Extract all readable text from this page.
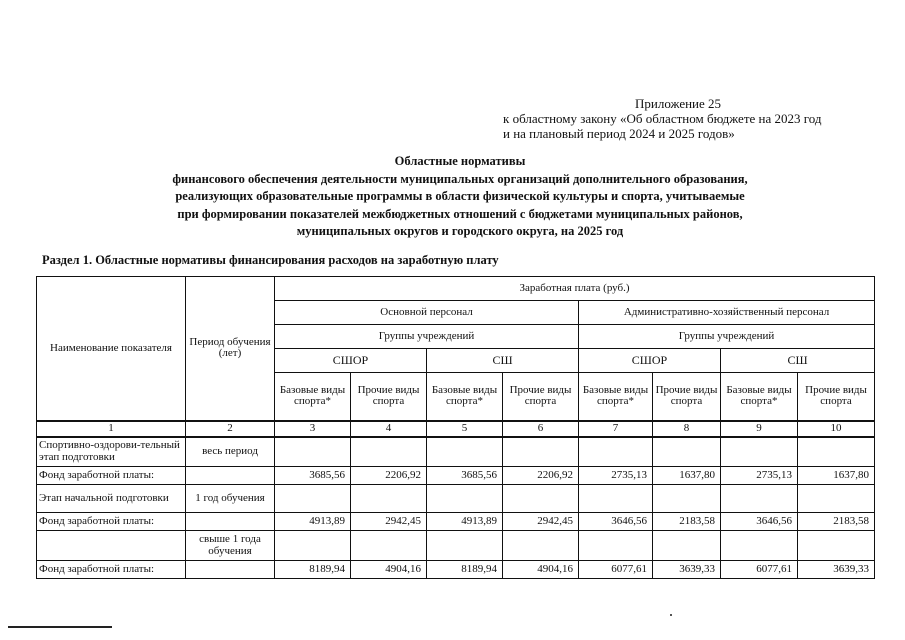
Приложение 25
к областному закону «Об областном бюджете на 2023 год
и на плановый период 2024 и 2025 годов»
Областные нормативы
финансового обеспечения деятельности муниципальных организаций дополнительного образования,
реализующих образовательные программы в области физической культуры и спорта, учитываемые
при формировании показателей межбюджетных отношений с бюджетами муниципальных районов,
муниципальных округов и городского округа, на 2025 год
Раздел 1. Областные нормативы финансирования расходов на заработную плату
Наименование показателя	Период обучения (лет)	Заработная плата (руб.)							
		Основной персонал				Административно-хозяйственный персонал			
		Группы учреждений				Группы учреждений			
		СШОР		СШ		СШОР		СШ	
		Базовые виды спорта*	Прочие виды спорта	Базовые виды спорта*	Прочие виды спорта	Базовые виды спорта*	Прочие виды спорта	Базовые виды спорта*	Прочие виды спорта
1	2	3	4	5	6	7	8	9	10
Спортивно-оздорови-тельный этап подготовки	весь период								
Фонд заработной платы:		3685,56	2206,92	3685,56	2206,92	2735,13	1637,80	2735,13	1637,80
Этап начальной подготовки	1 год обучения								
Фонд заработной платы:		4913,89	2942,45	4913,89	2942,45	3646,56	2183,58	3646,56	2183,58
	свыше 1 года обучения								
Фонд заработной платы:		8189,94	4904,16	8189,94	4904,16	6077,61	3639,33	6077,61	3639,33
